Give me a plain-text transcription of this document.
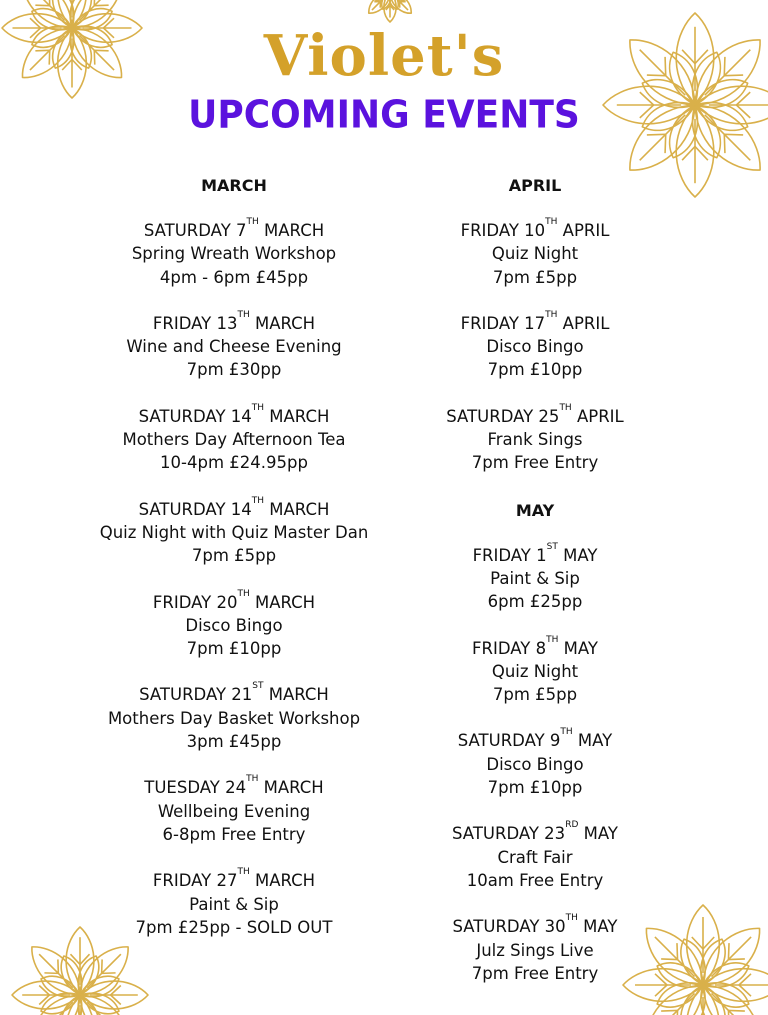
Violet's
UPCOMING EVENTS
MARCH
SATURDAY 7TH MARCH
Spring Wreath Workshop
4pm - 6pm £45pp
FRIDAY 13TH MARCH
Wine and Cheese Evening
7pm £30pp
SATURDAY 14TH MARCH
Mothers Day Afternoon Tea
10-4pm £24.95pp
SATURDAY 14TH MARCH
Quiz Night with Quiz Master Dan
7pm £5pp
FRIDAY 20TH MARCH
Disco Bingo
7pm £10pp
SATURDAY 21ST MARCH
Mothers Day Basket Workshop
3pm £45pp
TUESDAY 24TH MARCH
Wellbeing Evening
6-8pm Free Entry
FRIDAY 27TH MARCH
Paint & Sip
7pm £25pp - SOLD OUT
APRIL
FRIDAY 10TH APRIL
Quiz Night
7pm £5pp
FRIDAY 17TH APRIL
Disco Bingo
7pm £10pp
SATURDAY 25TH APRIL
Frank Sings
7pm Free Entry
MAY
FRIDAY 1ST MAY
Paint & Sip
6pm £25pp
FRIDAY 8TH MAY
Quiz Night
7pm £5pp
SATURDAY 9TH MAY
Disco Bingo
7pm £10pp
SATURDAY 23RD MAY
Craft Fair
10am Free Entry
SATURDAY 30TH MAY
Julz Sings Live
7pm Free Entry
